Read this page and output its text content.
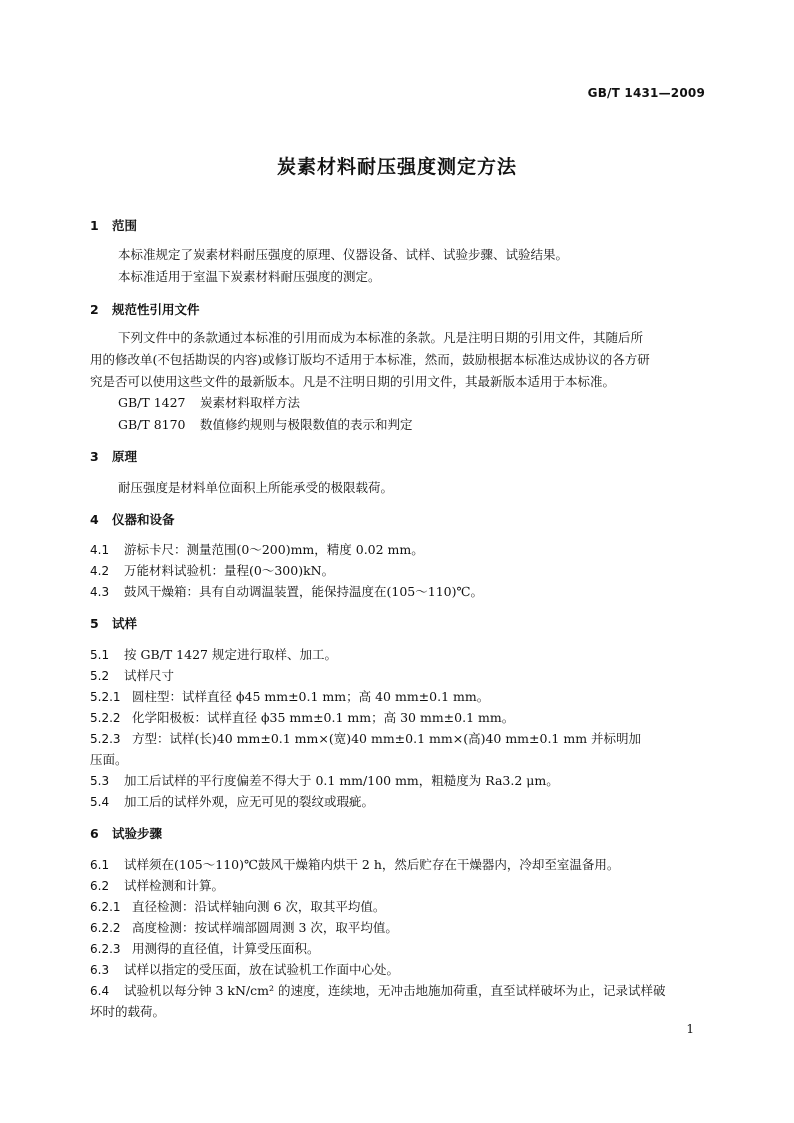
GB/T 1431—2009
炭素材料耐压强度测定方法
1 范围
本标准规定了炭素材料耐压强度的原理、仪器设备、试样、试验步骤、试验结果。
本标准适用于室温下炭素材料耐压强度的测定。
2 规范性引用文件
下列文件中的条款通过本标准的引用而成为本标准的条款。凡是注明日期的引用文件，其随后所
用的修改单(不包括勘误的内容)或修订版均不适用于本标准，然而，鼓励根据本标准达成协议的各方研
究是否可以使用这些文件的最新版本。凡是不注明日期的引用文件，其最新版本适用于本标准。
GB/T 1427 炭素材料取样方法
GB/T 8170 数值修约规则与极限数值的表示和判定
3 原理
耐压强度是材料单位面积上所能承受的极限载荷。
4 仪器和设备
4.1 游标卡尺：测量范围(0～200)mm，精度 0.02 mm。
4.2 万能材料试验机：量程(0～300)kN。
4.3 鼓风干燥箱：具有自动调温装置，能保持温度在(105～110)℃。
5 试样
5.1 按 GB/T 1427 规定进行取样、加工。
5.2 试样尺寸
5.2.1 圆柱型：试样直径 ϕ45 mm±0.1 mm；高 40 mm±0.1 mm。
5.2.2 化学阳极板：试样直径 ϕ35 mm±0.1 mm；高 30 mm±0.1 mm。
5.2.3 方型：试样(长)40 mm±0.1 mm×(宽)40 mm±0.1 mm×(高)40 mm±0.1 mm 并标明加
压面。
5.3 加工后试样的平行度偏差不得大于 0.1 mm/100 mm，粗糙度为 Ra3.2 μm。
5.4 加工后的试样外观，应无可见的裂纹或瑕疵。
6 试验步骤
6.1 试样须在(105～110)℃鼓风干燥箱内烘干 2 h，然后贮存在干燥器内，冷却至室温备用。
6.2 试样检测和计算。
6.2.1 直径检测：沿试样轴向测 6 次，取其平均值。
6.2.2 高度检测：按试样端部圆周测 3 次，取平均值。
6.2.3 用测得的直径值，计算受压面积。
6.3 试样以指定的受压面，放在试验机工作面中心处。
6.4 试验机以每分钟 3 kN/cm² 的速度，连续地，无冲击地施加荷重，直至试样破坏为止，记录试样破
坏时的载荷。
1
